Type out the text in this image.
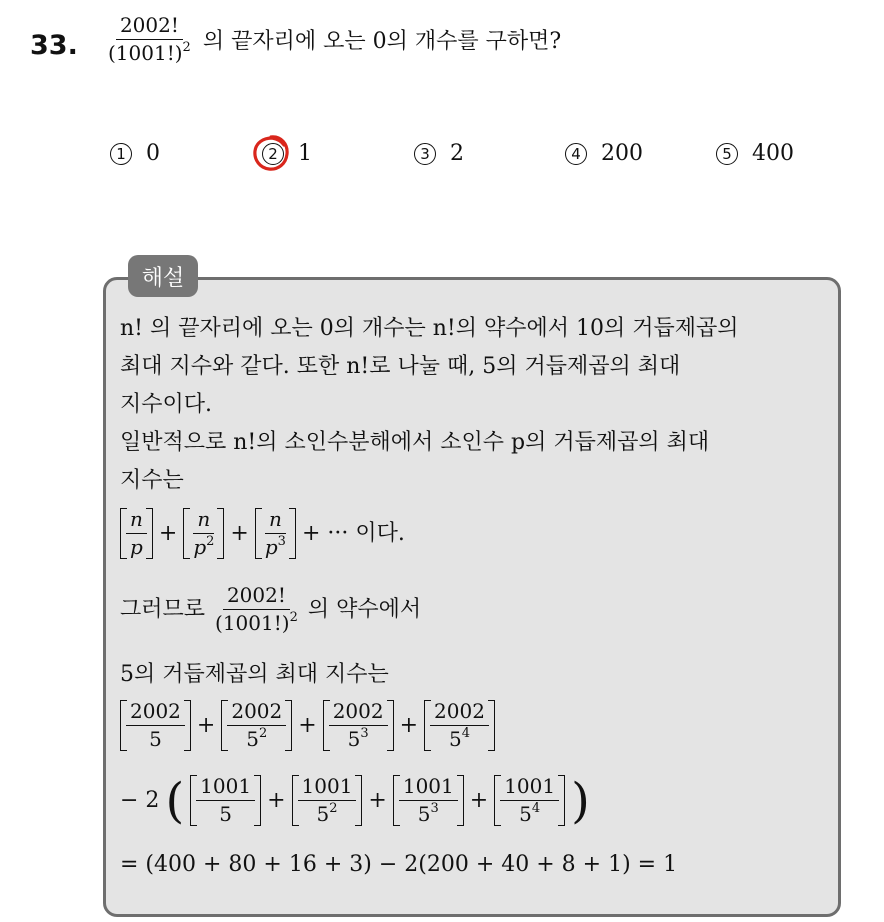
33. $\frac{2002!}{(1001!)^2}$ 의 끝자리에 오는 0의 개수를 구하면?
1 0	2 1	3 2	4 200	5 400
해설
n! 의 끝자리에 오는 0의 개수는 n!의 약수에서 10의 거듭제곱의
최대 지수와 같다. 또한 n!로 나눌 때, 5의 거듭제곱의 최대
지수이다.
일반적으로 n!의 소인수분해에서 소인수 p의 거듭제곱의 최대
지수는
$\frac{n}{p} + \frac{n}{p^2} + \frac{n}{p^3}$ + ··· 이다.
그러므로 $\frac{2002!}{(1001!)^2}$ 의 약수에서
5의 거듭제곱의 최대 지수는
$\frac{2002}{5} + \frac{2002}{5^2} + \frac{2002}{5^3} + \frac{2002}{5^4}$
− 2 ( $\frac{1001}{5} + \frac{1001}{5^2} + \frac{1001}{5^3} + \frac{1001}{5^4}$ )
= (400 + 80 + 16 + 3) − 2(200 + 40 + 8 + 1) = 1
